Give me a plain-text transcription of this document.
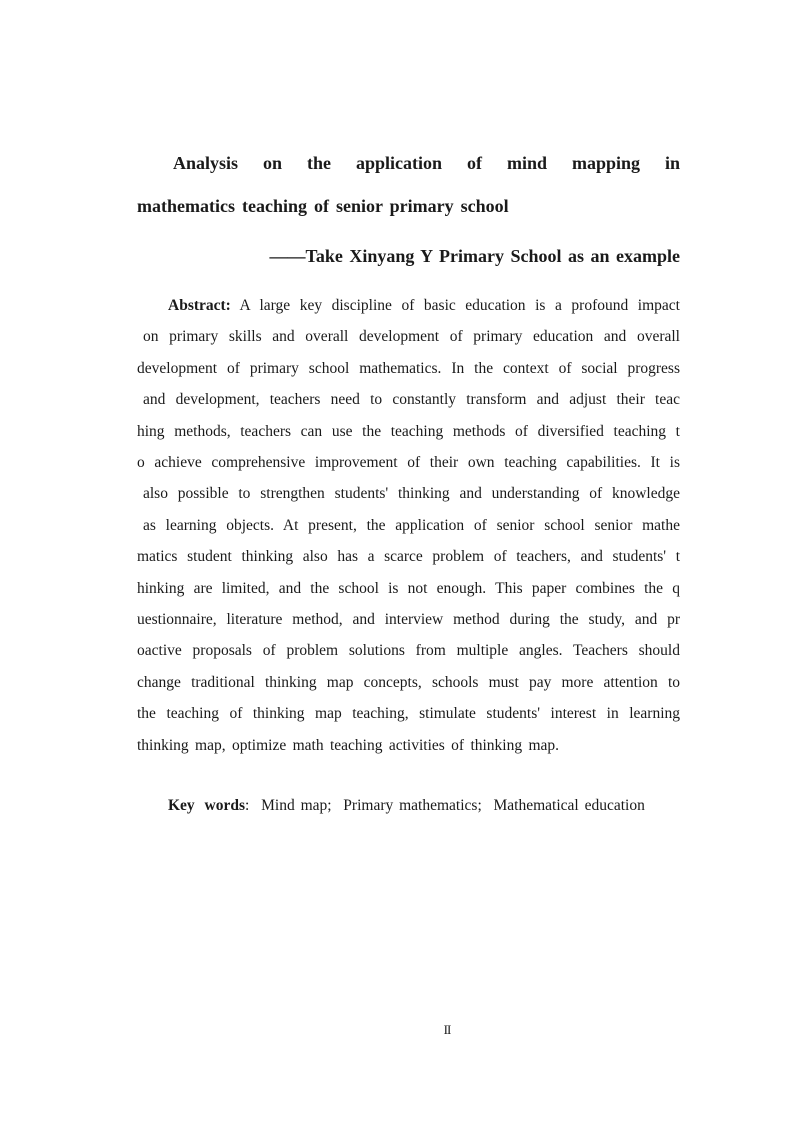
Analysis on the application of mind mapping in
mathematics teaching of senior primary school
——Take Xinyang Y Primary School as an example
Abstract: A large key discipline of basic education is a profound impact
on primary skills and overall development of primary education and overall
development of primary school mathematics. In the context of social progress
and development, teachers need to constantly transform and adjust their teac
hing methods, teachers can use the teaching methods of diversified teaching t
o achieve comprehensive improvement of their own teaching capabilities. It is
also possible to strengthen students' thinking and understanding of knowledge
as learning objects. At present, the application of senior school senior mathe
matics student thinking also has a scarce problem of teachers, and students' t
hinking are limited, and the school is not enough. This paper combines the q
uestionnaire, literature method, and interview method during the study, and pr
oactive proposals of problem solutions from multiple angles. Teachers should
change traditional thinking map concepts, schools must pay more attention to
the teaching of thinking map teaching, stimulate students' interest in learning
thinking map, optimize math teaching activities of thinking map.
Key words:  Mind map;  Primary mathematics;  Mathematical education
II
